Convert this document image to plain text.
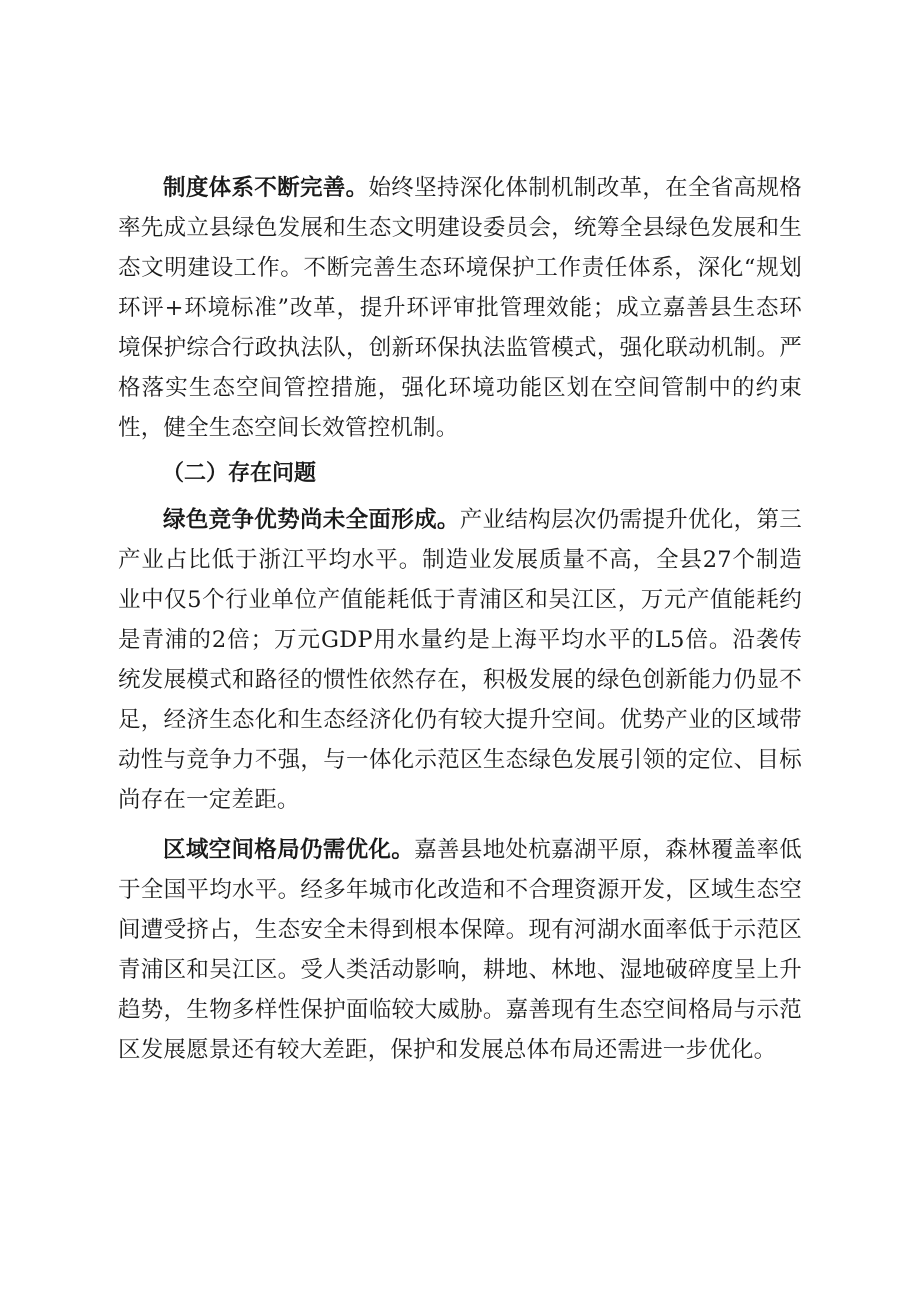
制度体系不断完善。始终坚持深化体制机制改革，在全省高规格率先成立县绿色发展和生态文明建设委员会，统筹全县绿色发展和生态文明建设工作。不断完善生态环境保护工作责任体系，深化“规划环评+环境标准”改革，提升环评审批管理效能；成立嘉善县生态环境保护综合行政执法队，创新环保执法监管模式，强化联动机制。严格落实生态空间管控措施，强化环境功能区划在空间管制中的约束性，健全生态空间长效管控机制。

（二）存在问题

绿色竞争优势尚未全面形成。产业结构层次仍需提升优化，第三产业占比低于浙江平均水平。制造业发展质量不高，全县27个制造业中仅5个行业单位产值能耗低于青浦区和吴江区，万元产值能耗约是青浦的2倍；万元GDP用水量约是上海平均水平的L5倍。沿袭传统发展模式和路径的惯性依然存在，积极发展的绿色创新能力仍显不足，经济生态化和生态经济化仍有较大提升空间。优势产业的区域带动性与竞争力不强，与一体化示范区生态绿色发展引领的定位、目标尚存在一定差距。

区域空间格局仍需优化。嘉善县地处杭嘉湖平原，森林覆盖率低于全国平均水平。经多年城市化改造和不合理资源开发，区域生态空间遭受挤占，生态安全未得到根本保障。现有河湖水面率低于示范区青浦区和吴江区。受人类活动影响，耕地、林地、湿地破碎度呈上升趋势，生物多样性保护面临较大威胁。嘉善现有生态空间格局与示范区发展愿景还有较大差距，保护和发展总体布局还需进一步优化。
